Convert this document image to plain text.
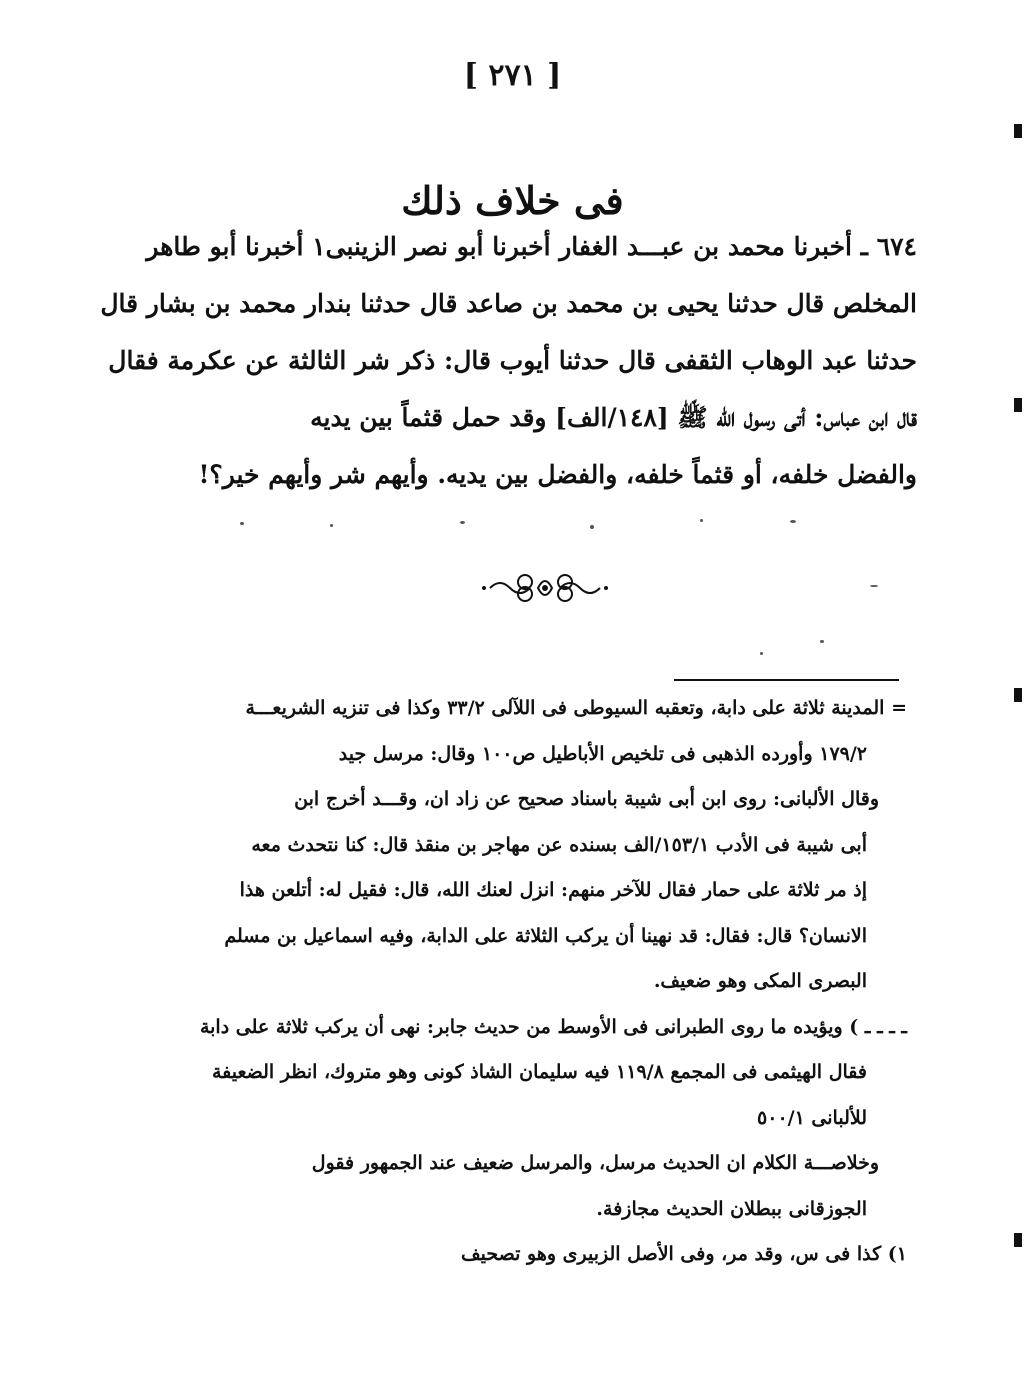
[ ٢٧١ ]
فى خلاف ذلك

٦٧٤ ـ أخبرنا محمد بن عبـــد الغفار أخبرنا أبو نصر الزينبى١ أخبرنا أبو طاهر

المخلص قال حدثنا يحيى بن محمد بن صاعد قال حدثنا بندار محمد بن بشار قال

حدثنا عبد الوهاب الثقفى قال حدثنا أيوب قال: ذكر شر الثالثة عن عكرمة فقال

قال ابن عباس: أتى رسول الله ﷺ [١٤٨/الف] وقد حمل قثماً بين يديه

والفضل خلفه، أو قثماً خلفه، والفضل بين يديه. وأيهم شر وأيهم خير؟!

= المدينة ثلاثة على دابة، وتعقبه السيوطى فى اللآلى ٣٣/٢ وكذا فى تنزيه الشريعـــة

١٧٩/٢ وأورده الذهبى فى تلخيص الأباطيل ص١٠٠ وقال: مرسل جيد

وقال الألبانى: روى ابن أبى شيبة باسناد صحيح عن زاد ان، وقـــد أخرج ابن

أبى شيبة فى الأدب ١٥٣/١/الف بسنده عن مهاجر بن منقذ قال: كنا نتحدث معه

إذ مر ثلاثة على حمار فقال للآخر منهم: انزل لعنك الله، قال: فقيل له: أتلعن هذا

الانسان؟ قال: فقال: قد نهينا أن يركب الثلاثة على الدابة، وفيه اسماعيل بن مسلم

البصرى المكى وهو ضعيف.

ـ ـ ـ ـ ) ويؤيده ما روى الطبرانى فى الأوسط من حديث جابر: نهى أن يركب ثلاثة على دابة

فقال الهيثمى فى المجمع ١١٩/٨ فيه سليمان الشاذ كونى وهو متروك، انظر الضعيفة

للألبانى ٥٠٠/١

وخلاصـــة الكلام ان الحديث مرسل، والمرسل ضعيف عند الجمهور فقول

الجوزقانى ببطلان الحديث مجازفة.

١) كذا فى س، وقد مر، وفى الأصل الزبيرى وهو تصحيف
